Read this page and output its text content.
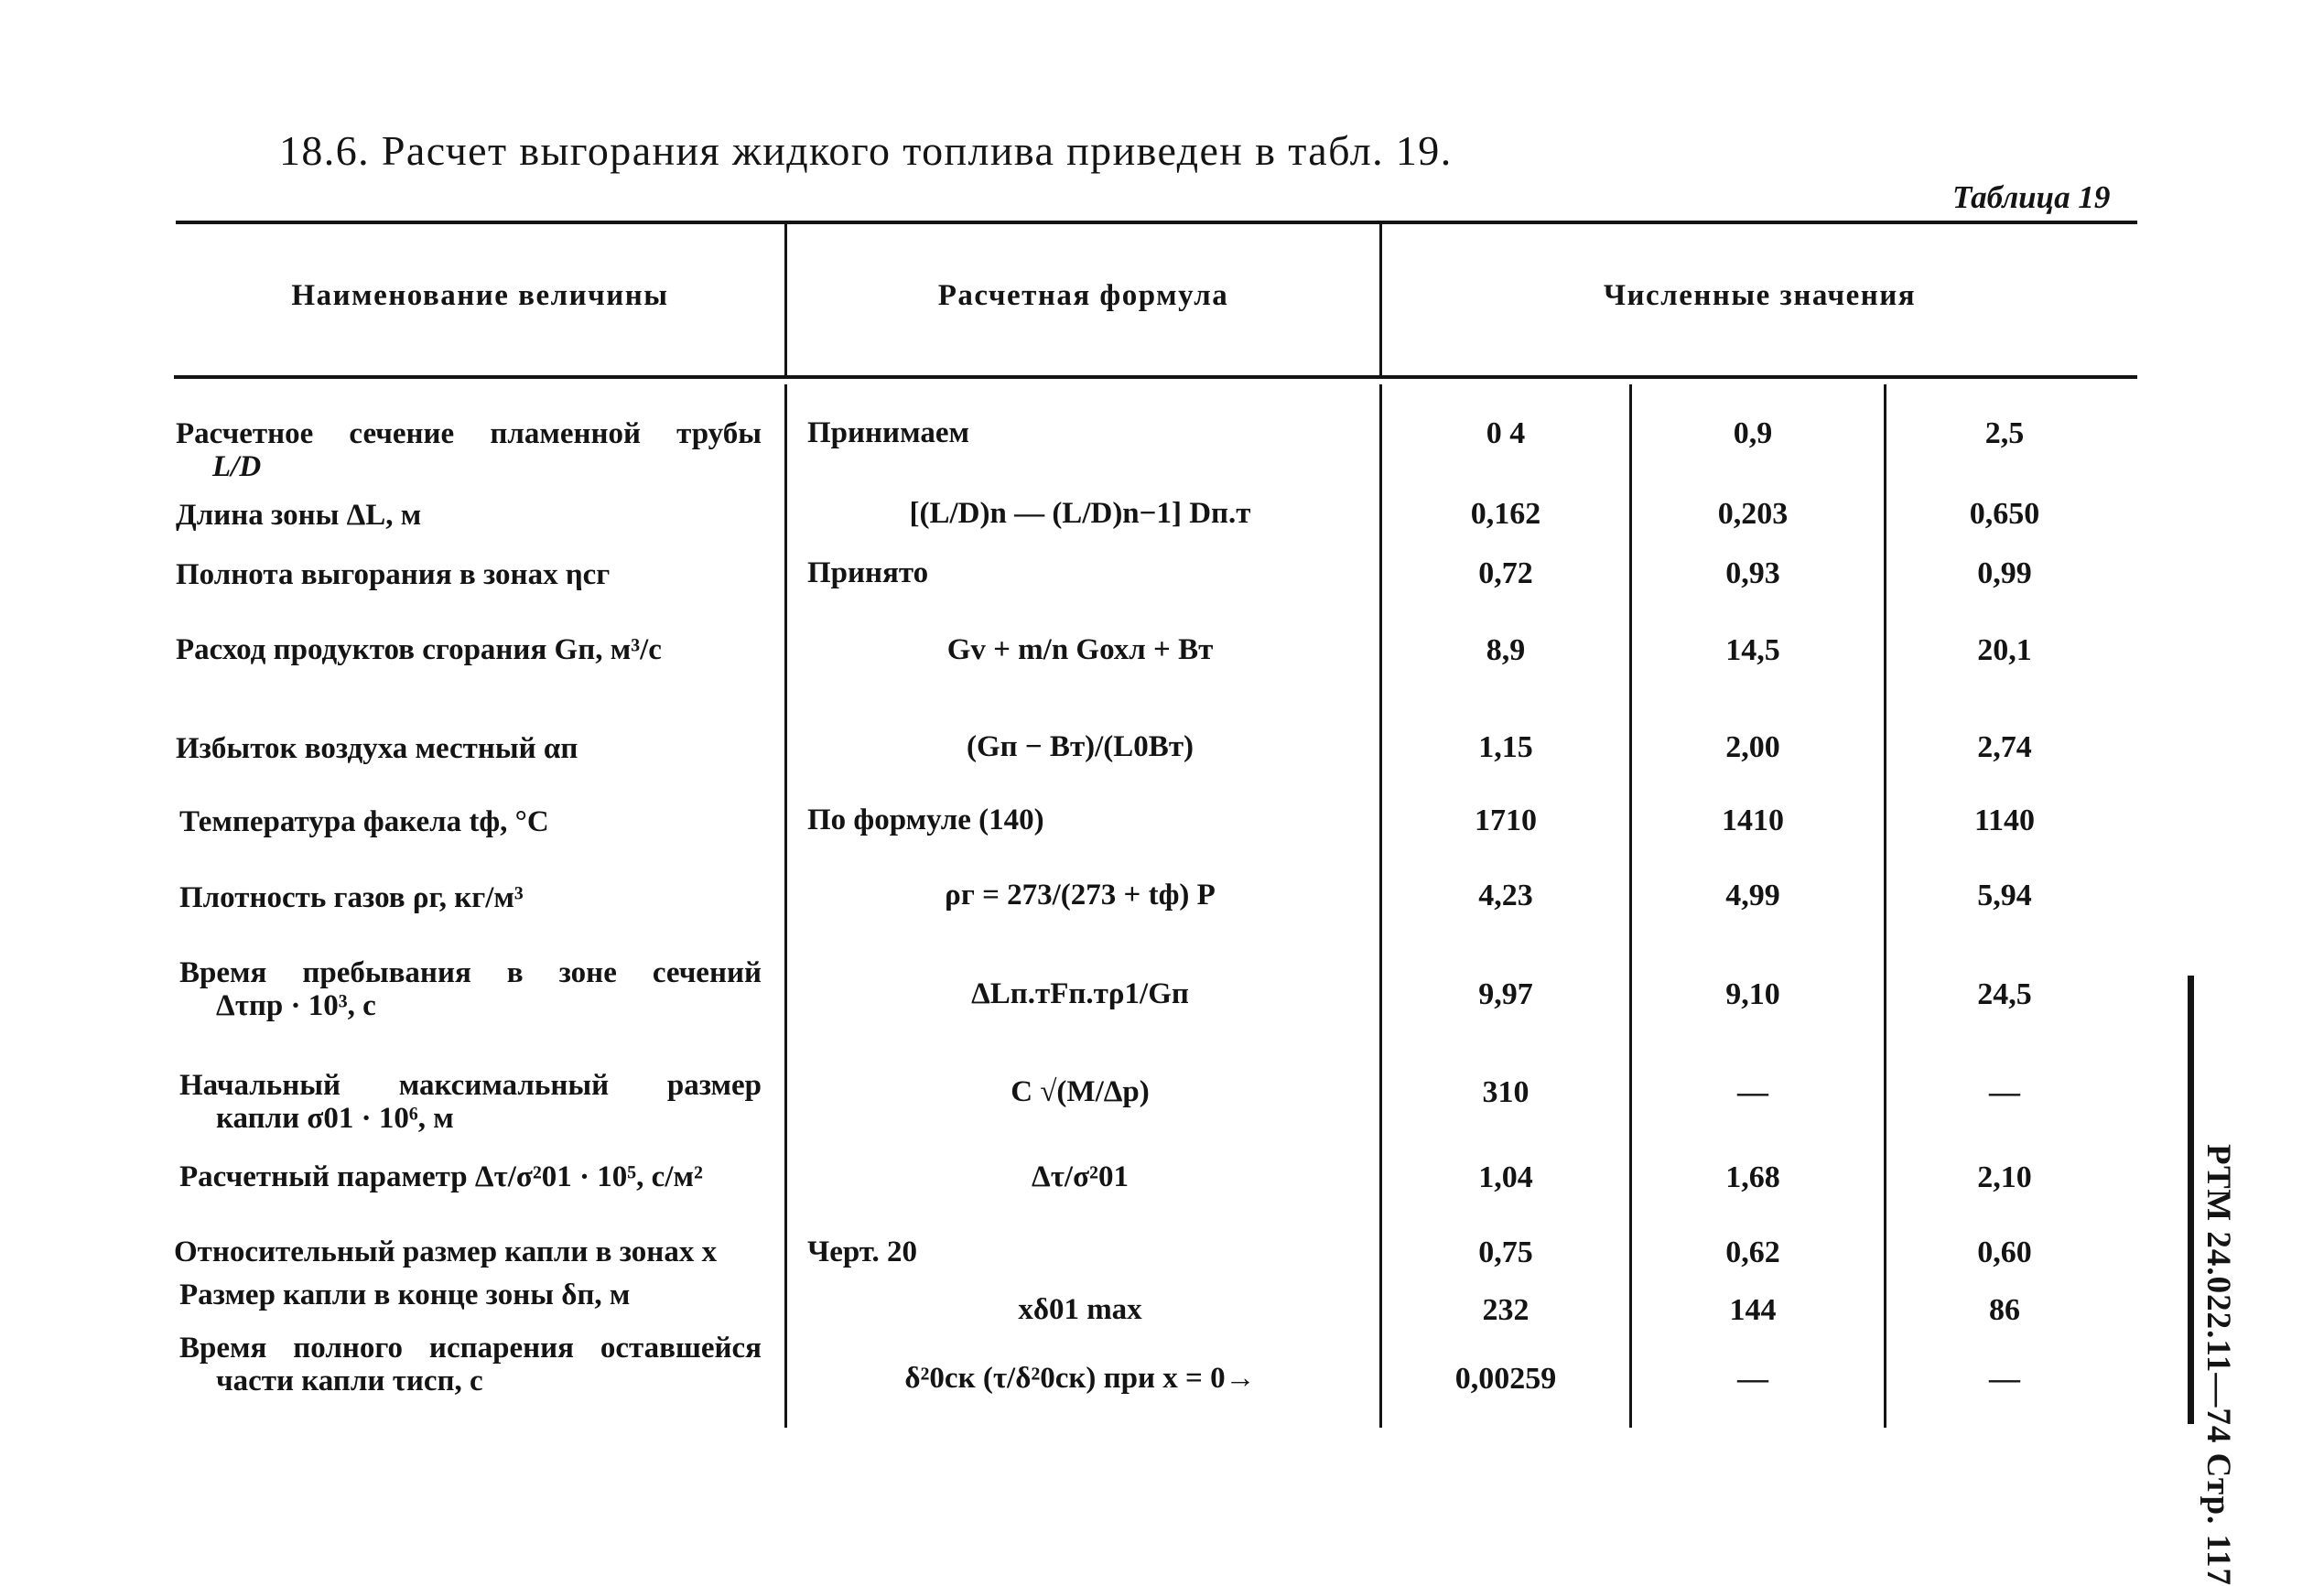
18.6. Расчет выгорания жидкого топлива приведен в табл. 19.
Таблица 19
Наименование величины	Расчетная формула	Численные значения
Расчетное сечение пламенной трубы
L/D
Принимаем	0 4	0,9	2,5
Длина зоны ΔL, м	[(L/D)n — (L/D)n−1] Dп.т	0,162	0,203	0,650
Полнота выгорания в зонах ηсг	Принято	0,72	0,93	0,99
Расход продуктов сгорания Gп, м³/с	Gv + m/n Gохл + Bт	8,9	14,5	20,1
Избыток воздуха местный αп	(Gп − Bт)/(L0Bт)	1,15	2,00	2,74
Температура факела tф, °С	По формуле (140)	1710	1410	1140
Плотность газов ρг, кг/м³	ρг = 273/(273 + tф) P	4,23	4,99	5,94
Время пребывания в зоне сечений
Δτпр · 10³, с	ΔLп.тFп.тρ1/Gп	9,97	9,10	24,5
Начальный максимальный размер
капли σ01 · 10⁶, м
C √(M/Δp)	310	—	—
Расчетный параметр Δτ/σ²01 · 10⁵, с/м²	Δτ/σ²01	1,04	1,68	2,10
Относительный размер капли в зонах x	Черт. 20	0,75	0,62	0,60
Размер капли в конце зоны δп, м	xδ01 max	232	144	86
Время полного испарения оставшейся
части капли τисп, с	δ²0ск (τ/δ²0ск) при x = 0→	0,00259	—	—	РТМ 24.022.11—74 Стр. 117
